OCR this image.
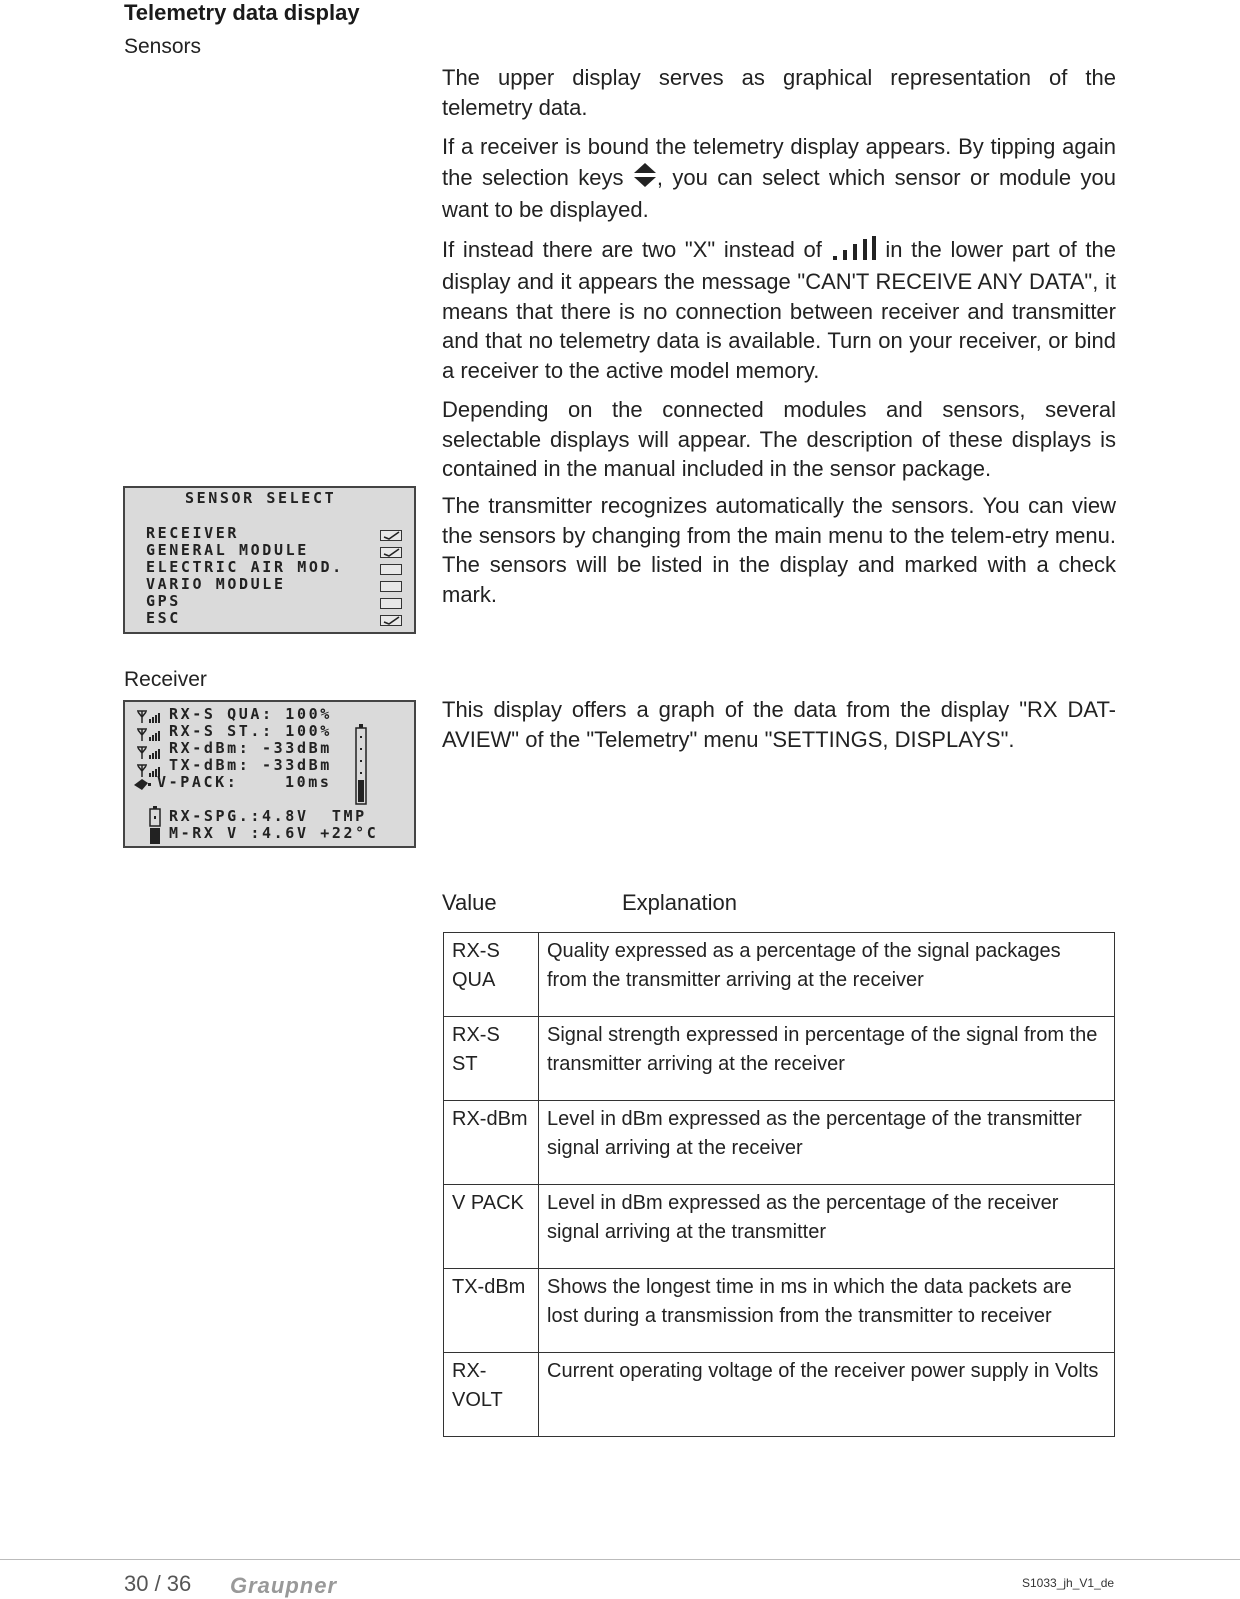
Telemetry data display
Sensors

The upper display serves as graphical representation of the telemetry data.

If a receiver is bound the telemetry display appears. By tipping again the selection keys , you can select which sensor or module you want to be displayed.

If instead there are two "X" instead of  in the lower part of the display and it appears the message "CAN'T RECEIVE ANY DATA", it means that there is no connection between receiver and transmitter and that no telemetry data is available. Turn on your receiver, or bind a receiver to the active model memory.

Depending on the connected modules and sensors, several selectable displays will appear. The description of these displays is contained in the manual included in the sensor package.

SENSOR SELECT
RECEIVER
GENERAL MODULE
ELECTRIC AIR MOD.
VARIO MODULE
GPS
ESC

The transmitter recognizes automatically the sensors. You can view the sensors by changing from the main menu to the telem-etry menu. The sensors will be listed in the display and marked with a check mark.

Receiver
RX-S QUA: 100%
RX-S ST.: 100%
RX-dBm: -33dBm
TX-dBm: -33dBm
V-PACK:    10ms
RX-SPG.:4.8V  TMP
M-RX V :4.6V +22°C

This display offers a graph of the data from the display "RX DAT-AVIEW" of the "Telemetry" menu "SETTINGS, DISPLAYS".

Value	Explanation
RX-S QUA	Quality expressed as a percentage of the signal packages from the transmitter arriving at the receiver
RX-S ST	Signal strength expressed in percentage of the signal from the transmitter arriving at the receiver
RX-dBm	Level in dBm expressed as the percentage of the transmitter signal arriving at the receiver
V PACK	Level in dBm expressed as the percentage of the receiver signal arriving at the transmitter
TX-dBm	Shows the longest time in ms in which the data packets are lost during a transmission from the transmitter to receiver
RX-VOLT	Current operating voltage of the receiver power supply in Volts
30 / 36 Graupner	S1033_jh_V1_de
